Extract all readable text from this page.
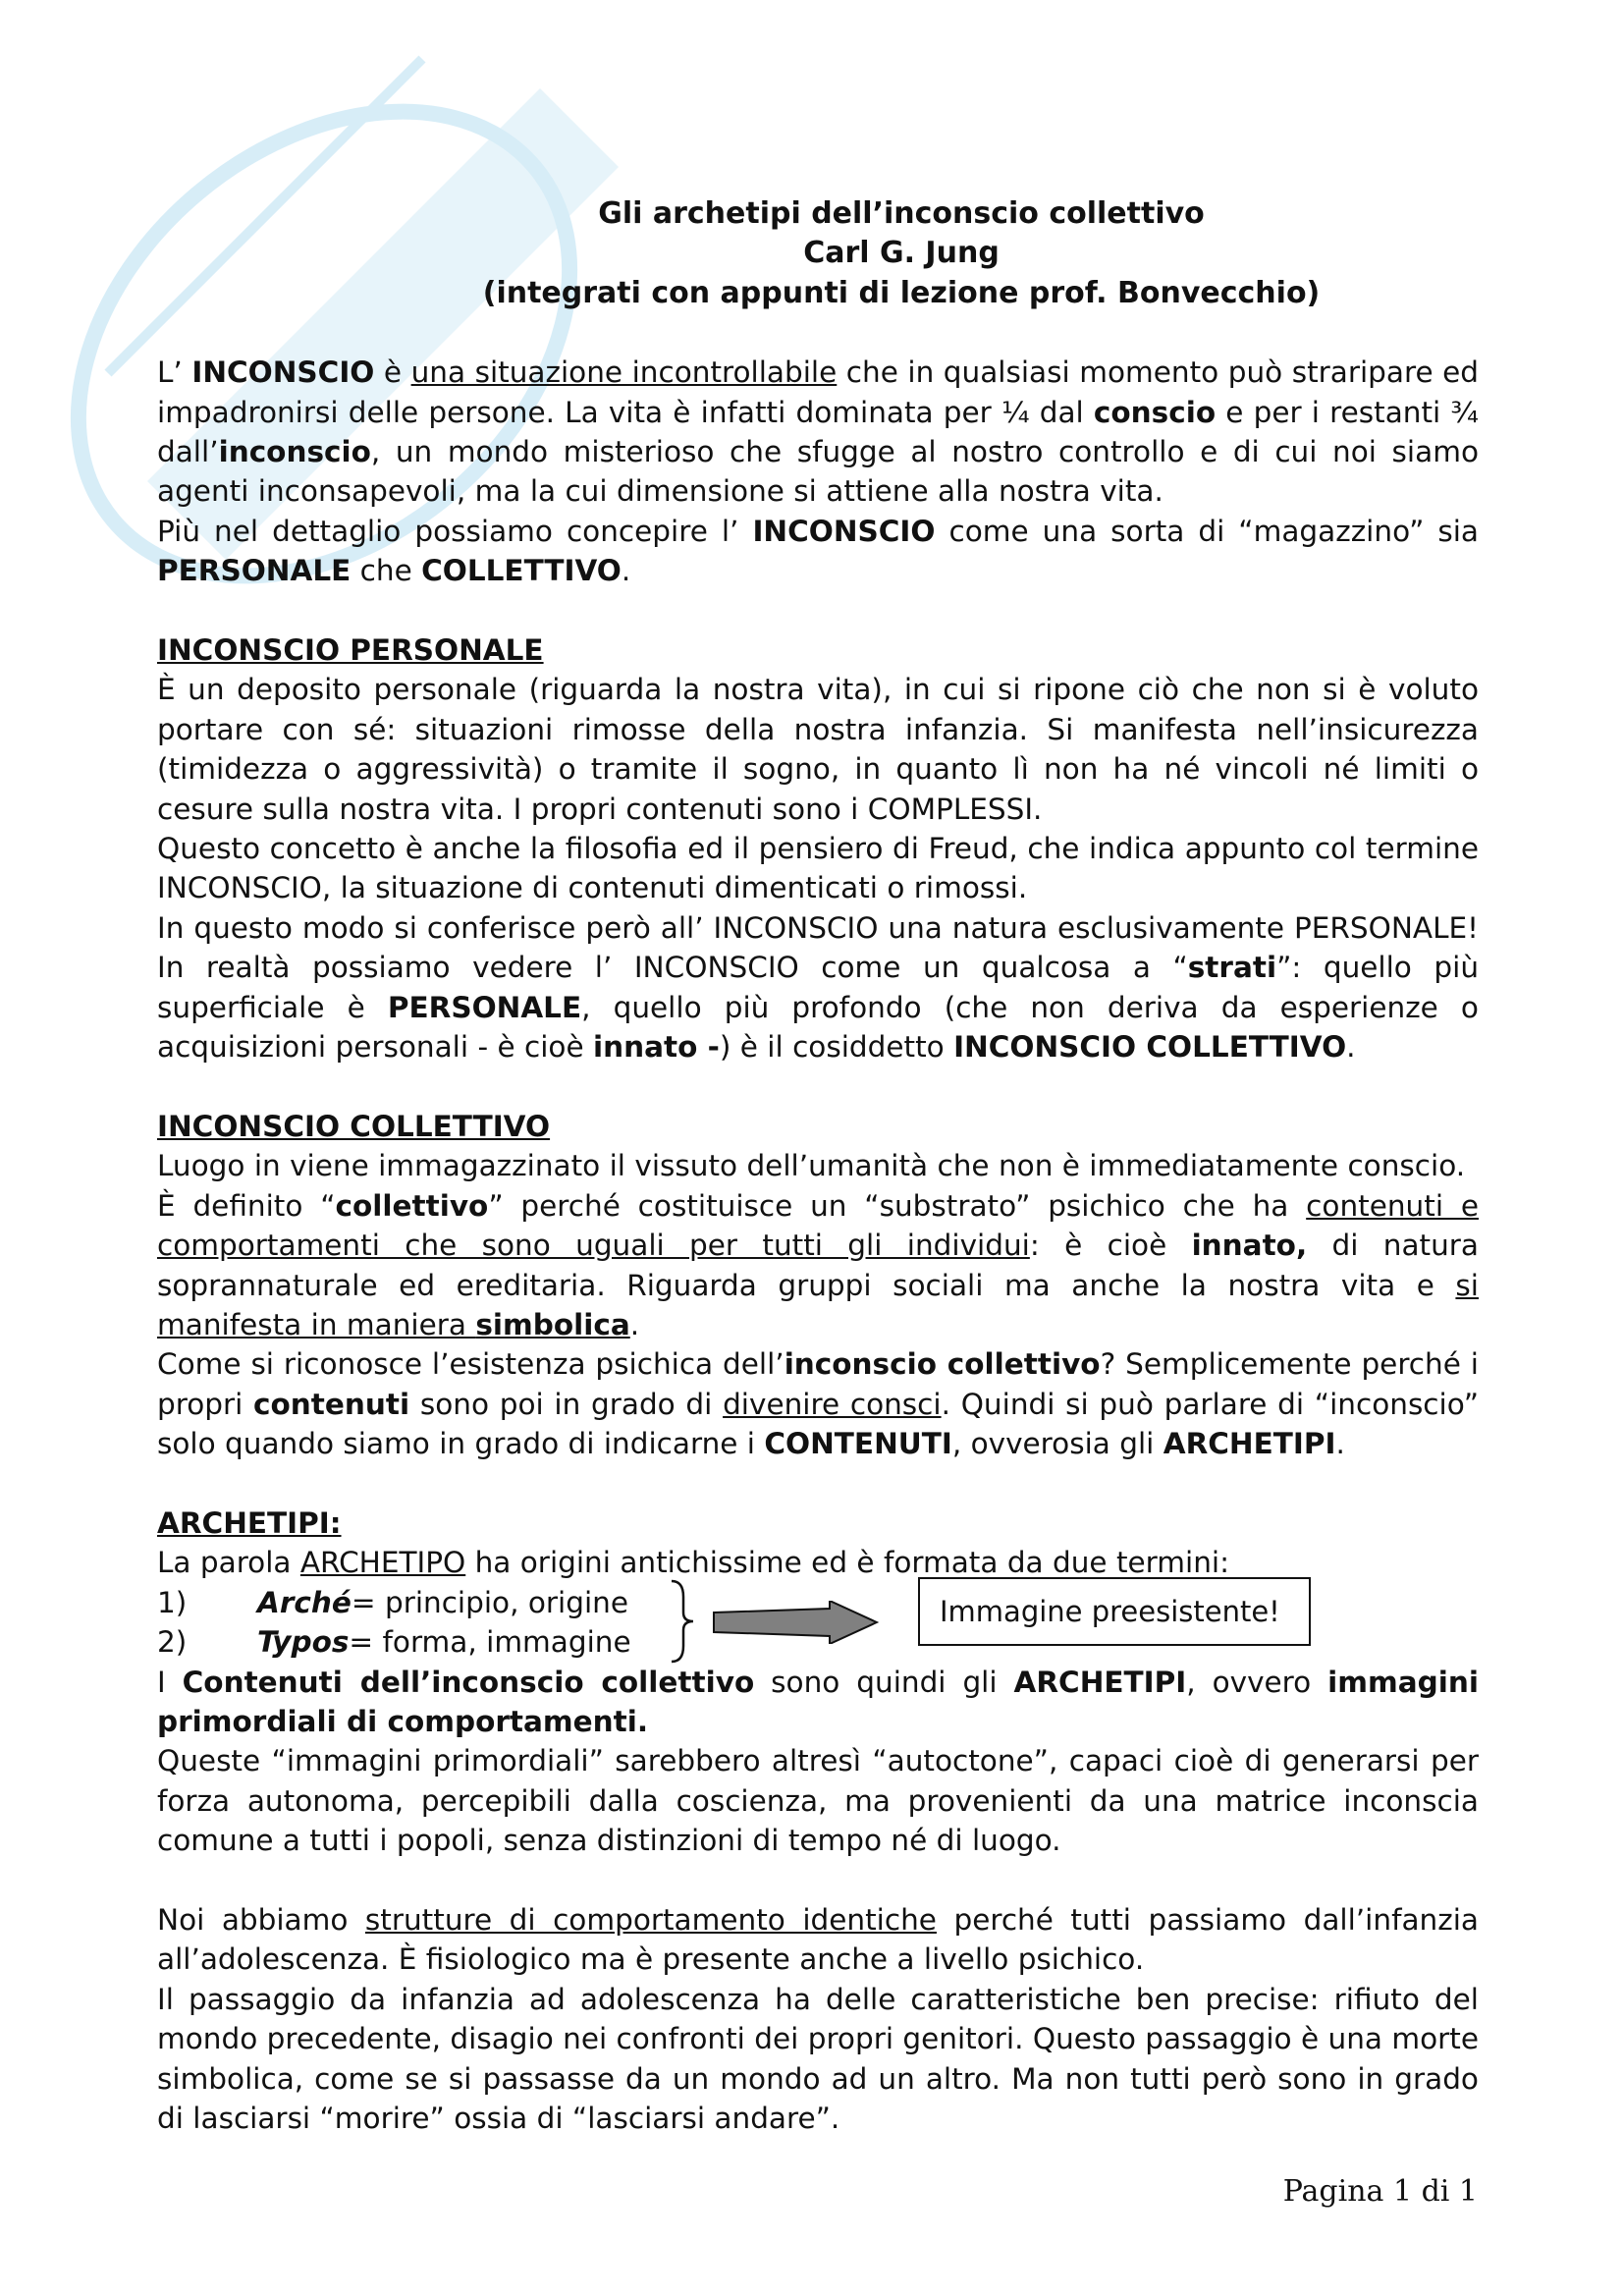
Gli archetipi dell’inconscio collettivo
Carl G. Jung
(integrati con appunti di lezione prof. Bonvecchio)

L’ INCONSCIO è una situazione incontrollabile che in qualsiasi momento può straripare ed impadronirsi delle persone. La vita è infatti dominata per ¼ dal conscio e per i restanti ¾ dall’inconscio, un mondo misterioso che sfugge al nostro controllo e di cui noi siamo agenti inconsapevoli, ma la cui dimensione si attiene alla nostra vita.

Più nel dettaglio possiamo concepire l’ INCONSCIO come una sorta di “magazzino” sia PERSONALE che COLLETTIVO.

INCONSCIO PERSONALE

È un deposito personale (riguarda la nostra vita), in cui si ripone ciò che non si è voluto portare con sé: situazioni rimosse della nostra infanzia. Si manifesta nell’insicurezza (timidezza o aggressività) o tramite il sogno, in quanto lì non ha né vincoli né limiti o cesure sulla nostra vita. I propri contenuti sono i COMPLESSI.

Questo concetto è anche la filosofia ed il pensiero di Freud, che indica appunto col termine INCONSCIO, la situazione di contenuti dimenticati o rimossi.

In questo modo si conferisce però all’ INCONSCIO una natura esclusivamente PERSONALE! In realtà possiamo vedere l’ INCONSCIO come un qualcosa a “strati”: quello più superficiale è PERSONALE, quello più profondo (che non deriva da esperienze o acquisizioni personali - è cioè innato -) è il cosiddetto INCONSCIO COLLETTIVO.

INCONSCIO COLLETTIVO

Luogo in viene immagazzinato il vissuto dell’umanità che non è immediatamente conscio.

È definito “collettivo” perché costituisce un “substrato” psichico che ha contenuti e comportamenti che sono uguali per tutti gli individui: è cioè innato, di natura soprannaturale ed ereditaria. Riguarda gruppi sociali ma anche la nostra vita e si manifesta in maniera simbolica.

Come si riconosce l’esistenza psichica dell’inconscio collettivo? Semplicemente perché i propri contenuti sono poi in grado di divenire consci. Quindi si può parlare di “inconscio” solo quando siamo in grado di indicarne i CONTENUTI, ovverosia gli ARCHETIPI.

ARCHETIPI:

La parola ARCHETIPO ha origini antichissime ed è formata da due termini:

1)	Arché = principio, origine
2)	Typos = forma, immagine
Immagine preesistente!

I Contenuti dell’inconscio collettivo sono quindi gli ARCHETIPI, ovvero immagini primordiali di comportamenti.

Queste “immagini primordiali” sarebbero altresì “autoctone”, capaci cioè di generarsi per forza autonoma, percepibili dalla coscienza, ma provenienti da una matrice inconscia comune a tutti i popoli, senza distinzioni di tempo né di luogo.

Noi abbiamo strutture di comportamento identiche perché tutti passiamo dall’infanzia all’adolescenza. È fisiologico ma è presente anche a livello psichico.

Il passaggio da infanzia ad adolescenza ha delle caratteristiche ben precise: rifiuto del mondo precedente, disagio nei confronti dei propri genitori. Questo passaggio è una morte simbolica, come se si passasse da un mondo ad un altro. Ma non tutti però sono in grado di lasciarsi “morire” ossia di “lasciarsi andare”.

Pagina 1 di 1
